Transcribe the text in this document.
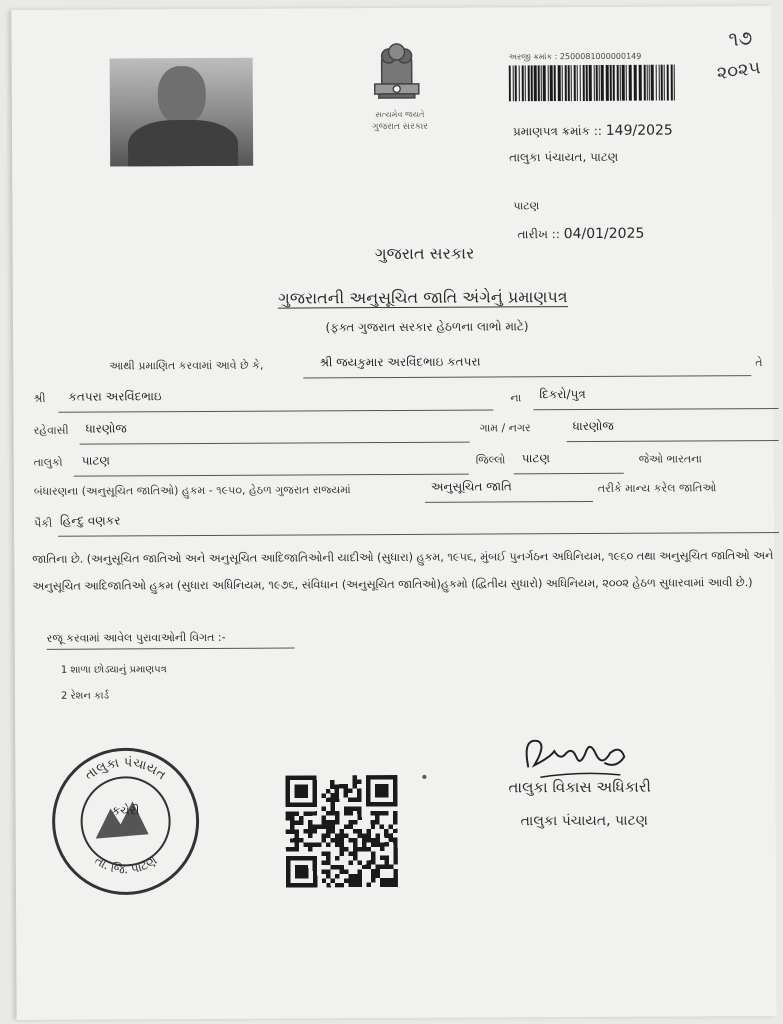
સત્યમેવ જયતે
ગુજરાત સરકાર
અરજી ક્રમાંક : 2500081000000149
૧૭
૨૦૨૫
પ્રમાણપત્ર ક્રમાંક :: 149/2025
તાલુકા પંચાયત, પાટણ
પાટણ
તારીખ :: 04/01/2025
ગુજરાત સરકાર
ગુજરાતની અનુસૂચિત જાતિ અંગેનું પ્રમાણપત્ર
(ફક્ત ગુજરાત સરકાર હેઠળના લાભો માટે)
આથી પ્રમાણિત કરવામાં આવે છે કે,	શ્રી જયકુમાર અરવિંદભાઇ કતપરા	તે
શ્રી	કતપરા અરવિંદભાઇ	ના	દિકરો/પુત્ર
રહેવાસી	ધારણોજ	ગામ / નગર	ધારણોજ
તાલુકો	પાટણ	જિલ્લો	પાટણ	જેઓ ભારતના
બંધારણના (અનુસૂચિત જાતિઓ) હુકમ - ૧૯૫૦, હેઠળ ગુજરાત રાજ્યમાં	અનુસૂચિત જાતિ	તરીકે માન્ય કરેલ જાતિઓ
પૈકી હિન્દુ વણકર
જાતિના છે. (અનુસૂચિત જાતિઓ અને અનુસૂચિત આદિજાતિઓની યાદીઓ (સુધારા) હુકમ, ૧૯૫૬, મુંબઈ પુનર્ગઠન અધિનિયમ, ૧૯૬૦ તથા અનુસૂચિત જાતિઓ અને અનુસૂચિત આદિજાતિઓ હુકમ (સુધારા અધિનિયમ, ૧૯૭૬, સંવિધાન (અનુસૂચિત જાતિઓ)હુકમો (દ્વિતીય સુધારો) અધિનિયમ, ૨૦૦૨ હેઠળ સુધારવામાં આવી છે.)
રજૂ કરવામાં આવેલ પુરાવાઓની વિગત :-
1 શાળા છોડ્યાનું પ્રમાણપત્ર
2 રેશન કાર્ડ
તાલુકા પંચાયત
તા. જિ. પાટણ
કચેરી
તાલુકા વિકાસ અધિકારી
તાલુકા પંચાયત, પાટણ
